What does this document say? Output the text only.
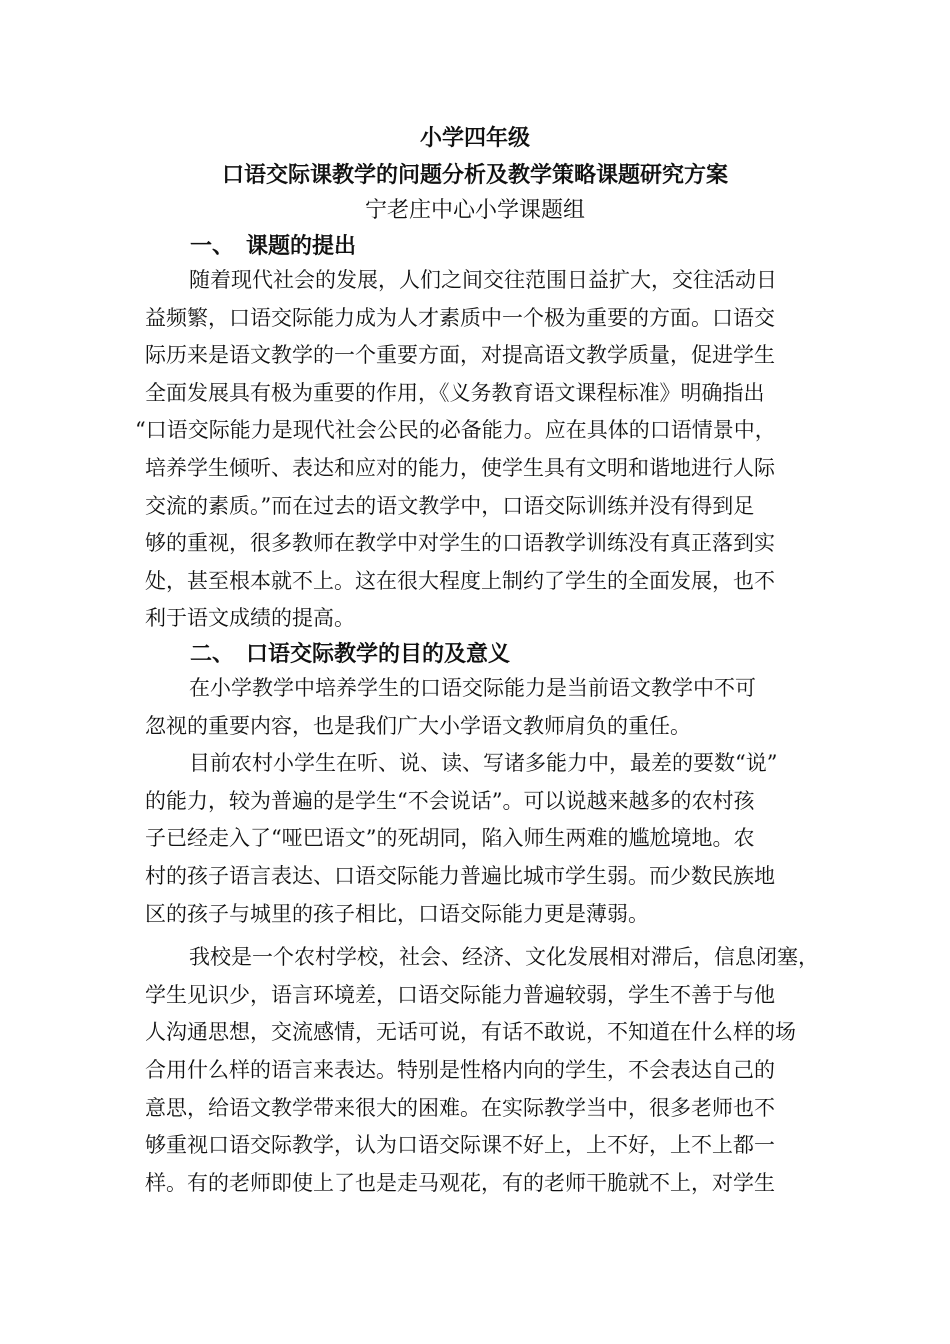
小学四年级
口语交际课教学的问题分析及教学策略课题研究方案
宁老庄中心小学课题组
一、 课题的提出
随着现代社会的发展，人们之间交往范围日益扩大，交往活动日
益频繁，口语交际能力成为人才素质中一个极为重要的方面。口语交
际历来是语文教学的一个重要方面，对提高语文教学质量，促进学生
全面发展具有极为重要的作用，《义务教育语文课程标准》明确指出
“口语交际能力是现代社会公民的必备能力。应在具体的口语情景中，
培养学生倾听、表达和应对的能力，使学生具有文明和谐地进行人际
交流的素质。”而在过去的语文教学中，口语交际训练并没有得到足
够的重视，很多教师在教学中对学生的口语教学训练没有真正落到实
处，甚至根本就不上。这在很大程度上制约了学生的全面发展，也不
利于语文成绩的提高。
二、 口语交际教学的目的及意义
在小学教学中培养学生的口语交际能力是当前语文教学中不可
忽视的重要内容，也是我们广大小学语文教师肩负的重任。
目前农村小学生在听、说、读、写诸多能力中，最差的要数“说”
的能力，较为普遍的是学生“不会说话”。可以说越来越多的农村孩
子已经走入了“哑巴语文”的死胡同，陷入师生两难的尴尬境地。农
村的孩子语言表达、口语交际能力普遍比城市学生弱。而少数民族地
区的孩子与城里的孩子相比，口语交际能力更是薄弱。
我校是一个农村学校，社会、经济、文化发展相对滞后，信息闭塞，
学生见识少，语言环境差，口语交际能力普遍较弱，学生不善于与他
人沟通思想，交流感情，无话可说，有话不敢说，不知道在什么样的场
合用什么样的语言来表达。特别是性格内向的学生，不会表达自己的
意思，给语文教学带来很大的困难。在实际教学当中，很多老师也不
够重视口语交际教学，认为口语交际课不好上，上不好，上不上都一
样。有的老师即使上了也是走马观花，有的老师干脆就不上，对学生
